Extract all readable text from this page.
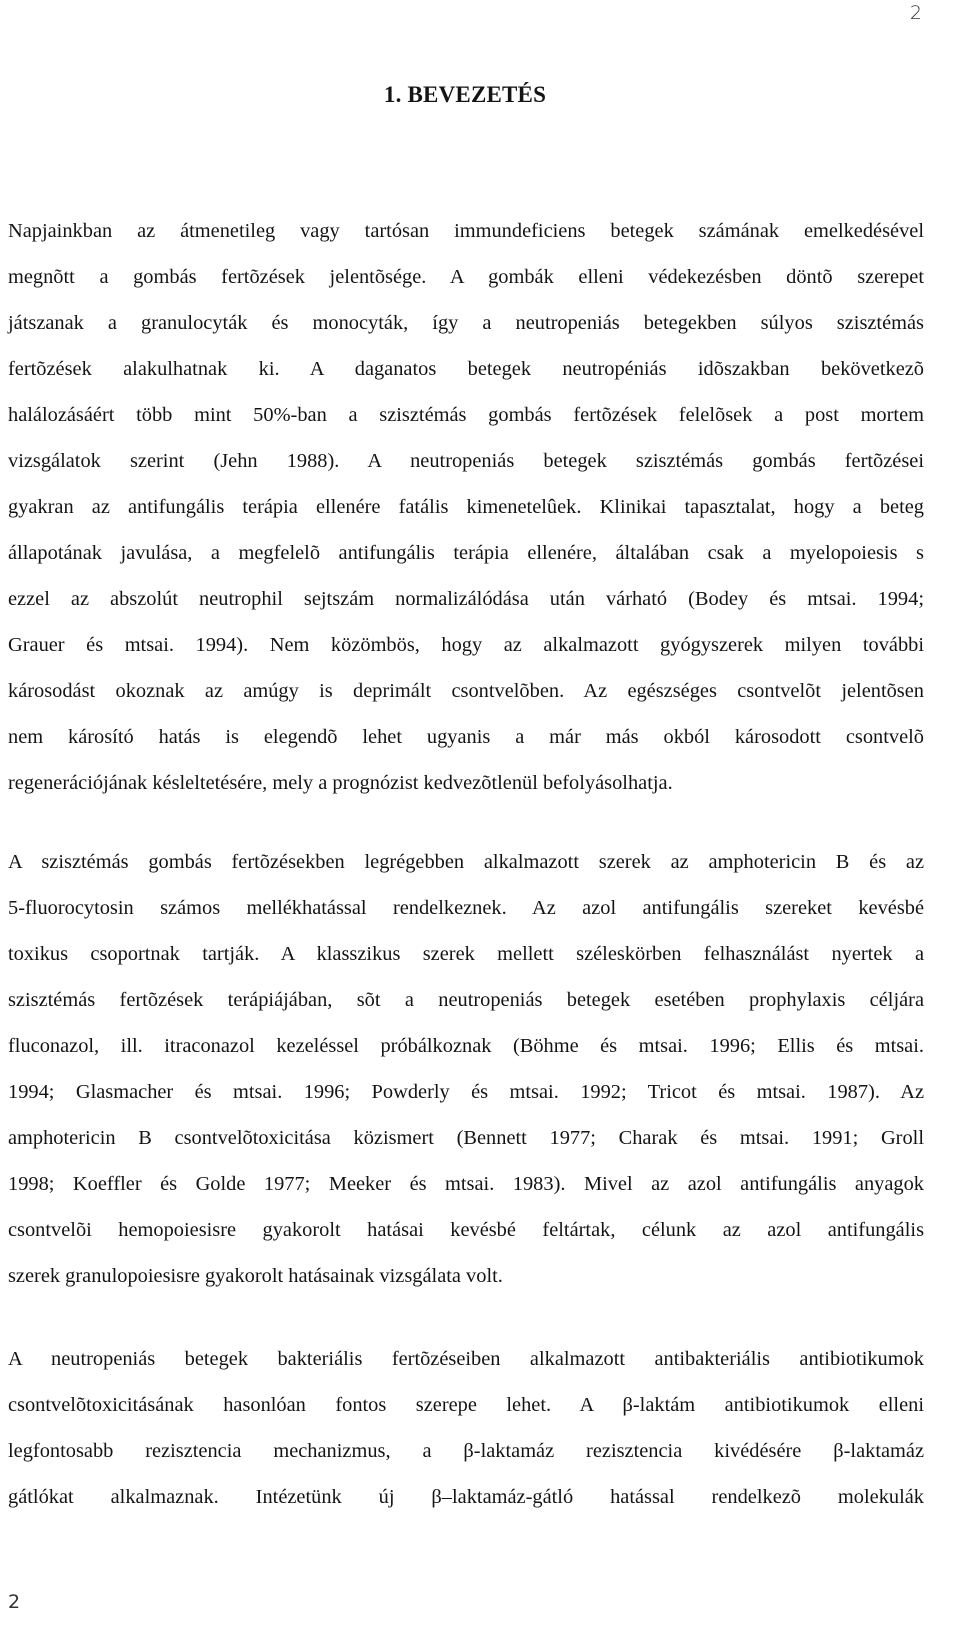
2
1. BEVEZETÉS
Napjainkban az átmenetileg vagy tartósan immundeficiens betegek számának emelkedésével
megnõtt a gombás fertõzések jelentõsége. A gombák elleni védekezésben döntõ szerepet
játszanak a granulocyták és monocyták, így a neutropeniás betegekben súlyos szisztémás
fertõzések alakulhatnak ki. A daganatos betegek neutropéniás idõszakban bekövetkezõ
halálozásáért több mint 50%-ban a szisztémás gombás fertõzések felelõsek a post mortem
vizsgálatok szerint (Jehn 1988). A neutropeniás betegek szisztémás gombás fertõzései
gyakran az antifungális terápia ellenére fatális kimenetelûek. Klinikai tapasztalat, hogy a beteg
állapotának javulása, a megfelelõ antifungális terápia ellenére, általában csak a myelopoiesis s
ezzel az abszolút neutrophil sejtszám normalizálódása után várható (Bodey és mtsai. 1994;
Grauer és mtsai. 1994). Nem közömbös, hogy az alkalmazott gyógyszerek milyen további
károsodást okoznak az amúgy is deprimált csontvelõben. Az egészséges csontvelõt jelentõsen
nem károsító hatás is elegendõ lehet ugyanis a már más okból károsodott csontvelõ
regenerációjának késleltetésére, mely a prognózist kedvezõtlenül befolyásolhatja.
A szisztémás gombás fertõzésekben legrégebben alkalmazott szerek az amphotericin B és az
5-fluorocytosin számos mellékhatással rendelkeznek. Az azol antifungális szereket kevésbé
toxikus csoportnak tartják. A klasszikus szerek mellett széleskörben felhasználást nyertek a
szisztémás fertõzések terápiájában, sõt a neutropeniás betegek esetében prophylaxis céljára
fluconazol, ill. itraconazol kezeléssel próbálkoznak (Böhme és mtsai. 1996; Ellis és mtsai.
1994; Glasmacher és mtsai. 1996; Powderly és mtsai. 1992; Tricot és mtsai. 1987). Az
amphotericin B csontvelõtoxicitása közismert (Bennett 1977; Charak és mtsai. 1991; Groll
1998; Koeffler és Golde 1977; Meeker és mtsai. 1983). Mivel az azol antifungális anyagok
csontvelõi hemopoiesisre gyakorolt hatásai kevésbé feltártak, célunk az azol antifungális
szerek granulopoiesisre gyakorolt hatásainak vizsgálata volt.
A neutropeniás betegek bakteriális fertõzéseiben alkalmazott antibakteriális antibiotikumok
csontvelõtoxicitásának hasonlóan fontos szerepe lehet. A β-laktám antibiotikumok elleni
legfontosabb rezisztencia mechanizmus, a β-laktamáz rezisztencia kivédésére β-laktamáz
gátlókat alkalmaznak. Intézetünk új β–laktamáz-gátló hatással rendelkezõ molekulák
2
